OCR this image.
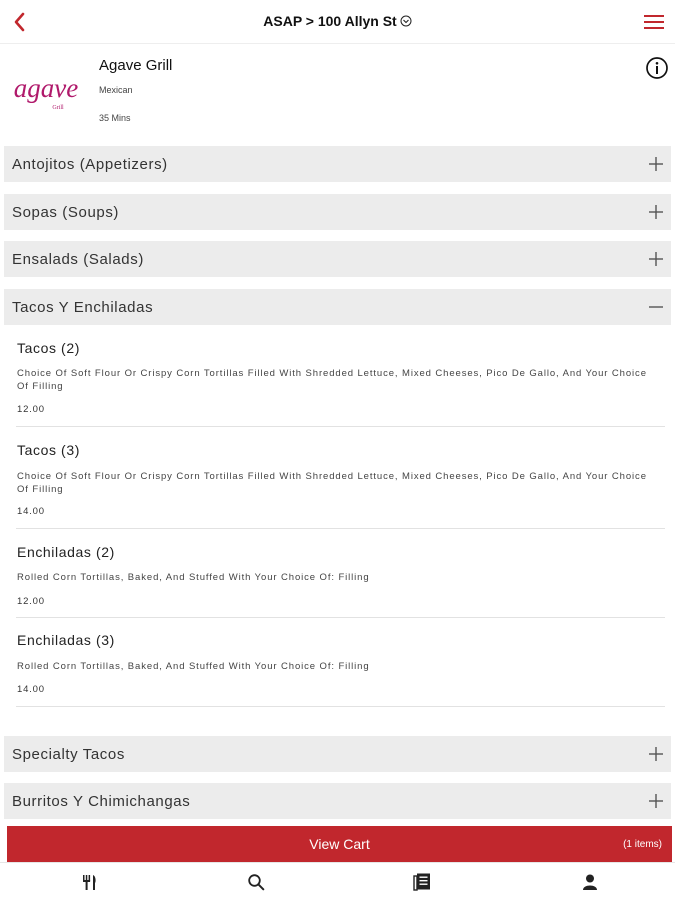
ASAP > 100 Allyn St
agave
Grill
Agave Grill
Mexican
35 Mins
Antojitos (Appetizers)
Sopas (Soups)
Ensalads (Salads)
Tacos Y Enchiladas
Tacos (2)
Choice Of Soft Flour Or Crispy Corn Tortillas Filled With Shredded Lettuce, Mixed Cheeses, Pico De Gallo, And Your Choice Of Filling
12.00
Tacos (3)
Choice Of Soft Flour Or Crispy Corn Tortillas Filled With Shredded Lettuce, Mixed Cheeses, Pico De Gallo, And Your Choice Of Filling
14.00
Enchiladas (2)
Rolled Corn Tortillas, Baked, And Stuffed With Your Choice Of: Filling
12.00
Enchiladas (3)
Rolled Corn Tortillas, Baked, And Stuffed With Your Choice Of: Filling
14.00
Specialty Tacos
Burritos Y Chimichangas
View Cart	(1 items)
